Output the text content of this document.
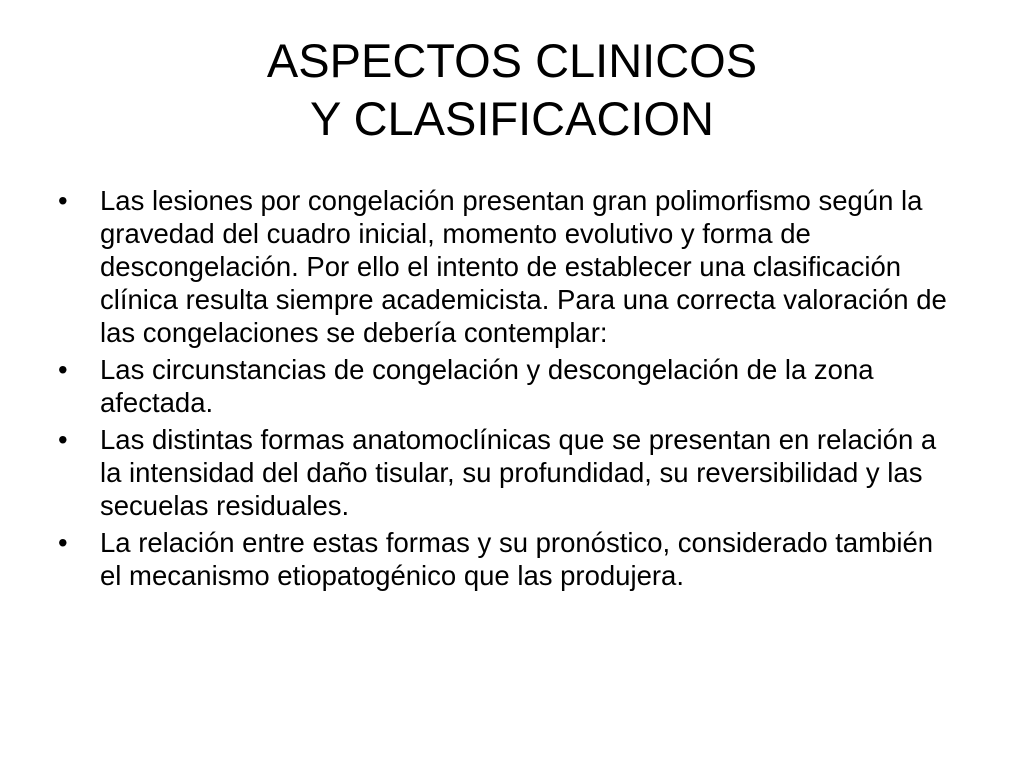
ASPECTOS CLINICOS
Y CLASIFICACION
•	Las lesiones por congelación presentan gran polimorfismo según la gravedad del cuadro inicial, momento evolutivo y forma de descongelación. Por ello el intento de establecer una clasificación clínica resulta siempre academicista. Para una correcta valoración de las congelaciones se debería contemplar:
•	Las circunstancias de congelación y descongelación de la zona afectada.
•	Las distintas formas anatomoclínicas que se presentan en relación a la intensidad del daño tisular, su profundidad, su reversibilidad y las secuelas residuales.
•	La relación entre estas formas y su pronóstico, considerado también el mecanismo etiopatogénico que las produjera.
